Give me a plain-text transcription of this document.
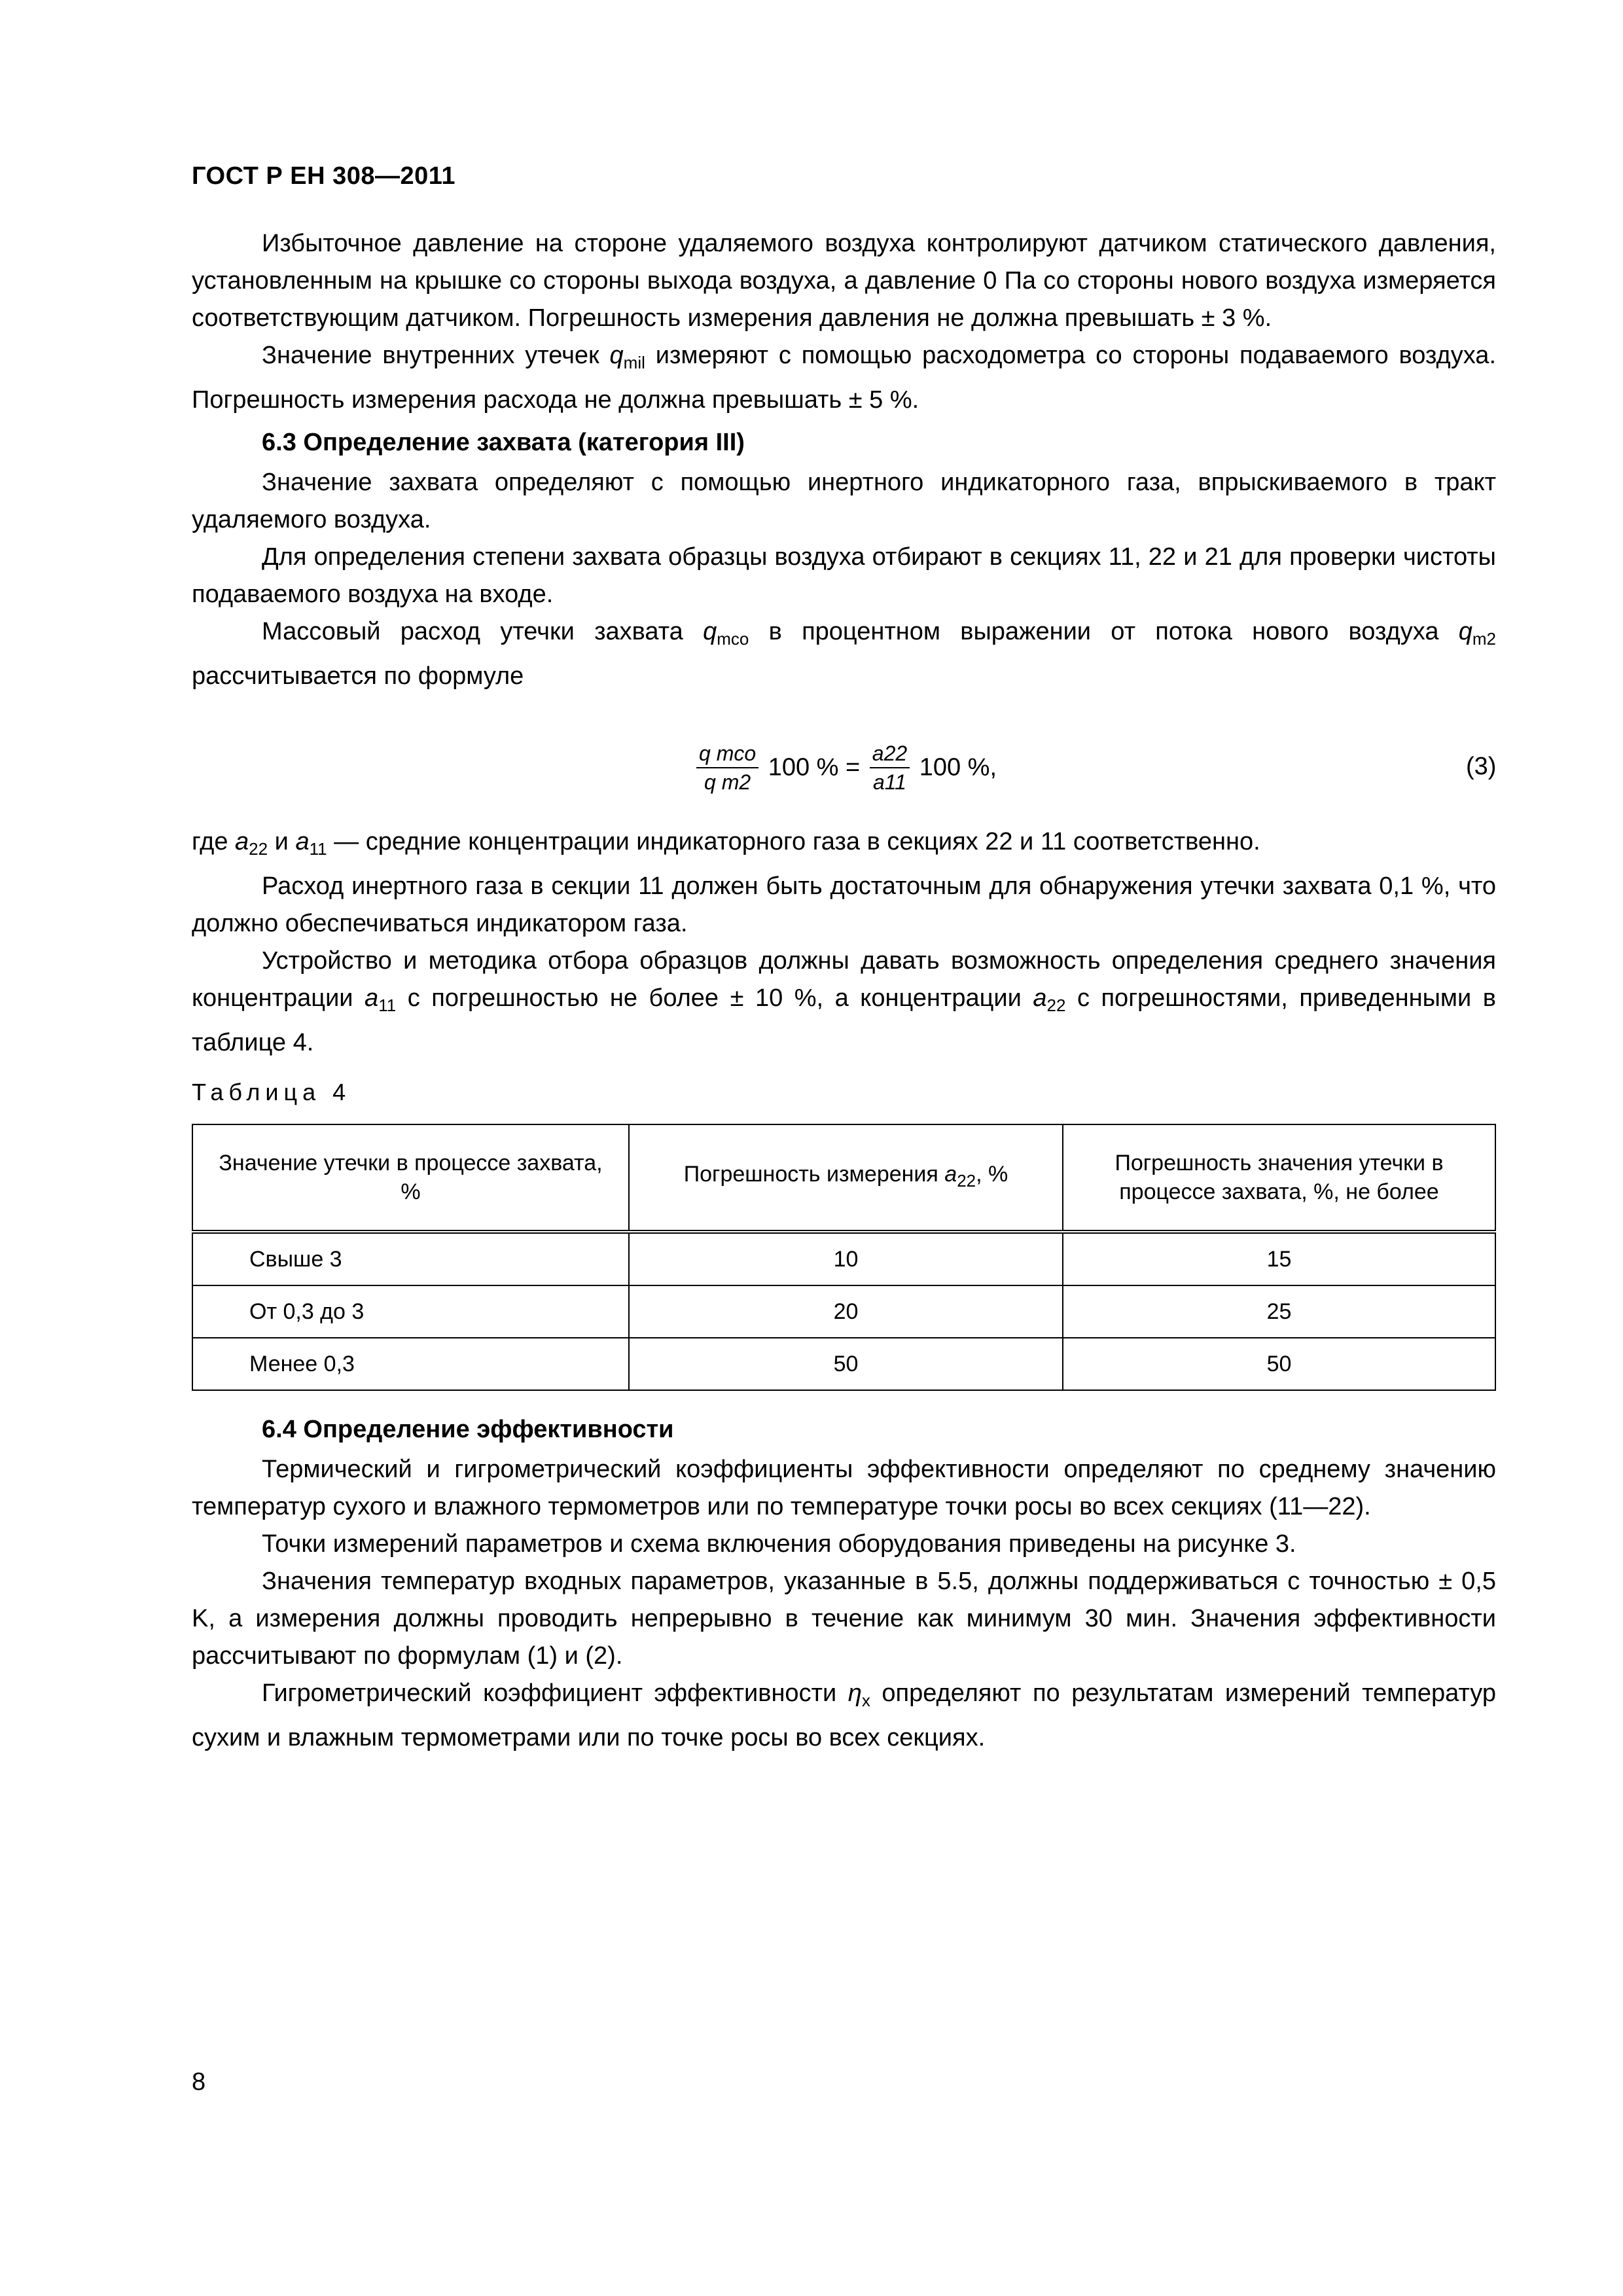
ГОСТ Р ЕН 308—2011

Избыточное давление на стороне удаляемого воздуха контролируют датчиком статического давления, установленным на крышке со стороны выхода воздуха, а давление 0 Па со стороны нового воздуха измеряется соответствующим датчиком. Погрешность измерения давления не должна превышать ± 3 %.

Значение внутренних утечек $q_{mil}$ измеряют с помощью расходометра со стороны подаваемого воздуха. Погрешность измерения расхода не должна превышать ± 5 %.

6.3 Определение захвата (категория III)

Значение захвата определяют с помощью инертного индикаторного газа, впрыскиваемого в тракт удаляемого воздуха.

Для определения степени захвата образцы воздуха отбирают в секциях 11, 22 и 21 для проверки чистоты подаваемого воздуха на входе.

Массовый расход утечки захвата $q_{mco}$ в процентном выражении от потока нового воздуха $q_{m2}$ рассчитывается по формуле

$\frac{\text{q mco}}{\text{q m2}} 100$ % = $\frac{a22}{a11} 100$ %,	(3)

где $a_{22}$ и $a_{11}$ — средние концентрации индикаторного газа в секциях 22 и 11 соответственно.

Расход инертного газа в секции 11 должен быть достаточным для обнаружения утечки захвата 0,1 %, что должно обеспечиваться индикатором газа.

Устройство и методика отбора образцов должны давать возможность определения среднего значения концентрации $a_{11}$ с погрешностью не более ± 10 %, а концентрации $a_{22}$ с погрешностями, приведенными в таблице 4.

Таблица 4
Значение утечки в процессе захвата, %	Погрешность измерения $a_{22}$, %	Погрешность значения утечки в процессе захвата, %, не более
Свыше 3	10	15
От 0,3 до 3	20	25
Менее 0,3	50	50

6.4 Определение эффективности

Термический и гигрометрический коэффициенты эффективности определяют по среднему значению температур сухого и влажного термометров или по температуре точки росы во всех секциях (11—22).

Точки измерений параметров и схема включения оборудования приведены на рисунке 3.

Значения температур входных параметров, указанные в 5.5, должны поддерживаться с точностью ± 0,5 K, а измерения должны проводить непрерывно в течение как минимум 30 мин. Значения эффективности рассчитывают по формулам (1) и (2).

Гигрометрический коэффициент эффективности $\eta_x$ определяют по результатам измерений температур сухим и влажным термометрами или по точке росы во всех секциях.

8
